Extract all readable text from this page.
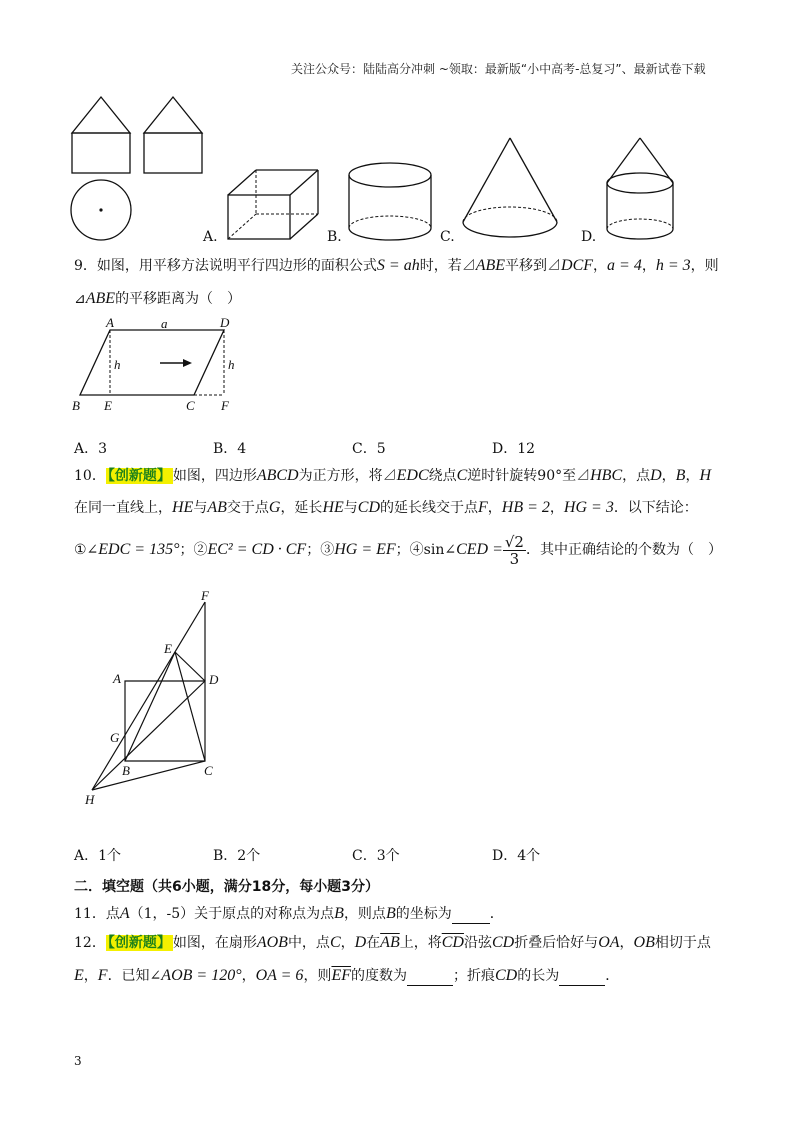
关注公众号：陆陆高分冲刺 ~领取：最新版“小中高考-总复习”、最新试卷下载
A.	B.	C.	D.
9．如图，用平移方法说明平行四边形的面积公式S = ah时，若⊿ABE平移到⊿DCF，a = 4，h = 3，则
⊿ABE的平移距离为（　）
A	a	D
h	h
B E	C F
A．3	B．4	C．5	D．12
10． 【创新题】 如图，四边形ABCD为正方形，将⊿EDC绕点C逆时针旋转90°至⊿HBC，点D，B，H
在同一直线上，HE与AB交于点G，延长HE与CD的延长线交于点F，HB = 2，HG = 3．以下结论：
①∠EDC = 135°；②EC² = CD · CF；③HG = EF；④sin∠CED = $\frac{√2}{3}$ ．其中正确结论的个数为（　）
F
E
A	D
G
B	C
H
A．1个	B．2个	C．3个	D．4个
二．填空题（共6小题，满分18分，每小题3分）
11．点A（1，-5）关于原点的对称点为点B，则点B的坐标为	．
12． 【创新题】 如图，在扇形AOB中，点C，D在$\overline{AB}$上，将$\overline{CD}$沿弦CD折叠后恰好与OA，OB相切于点
E，F．已知∠AOB = 120°，OA = 6，则$\overline{EF}$的度数为	；折痕CD的长为	．
3
